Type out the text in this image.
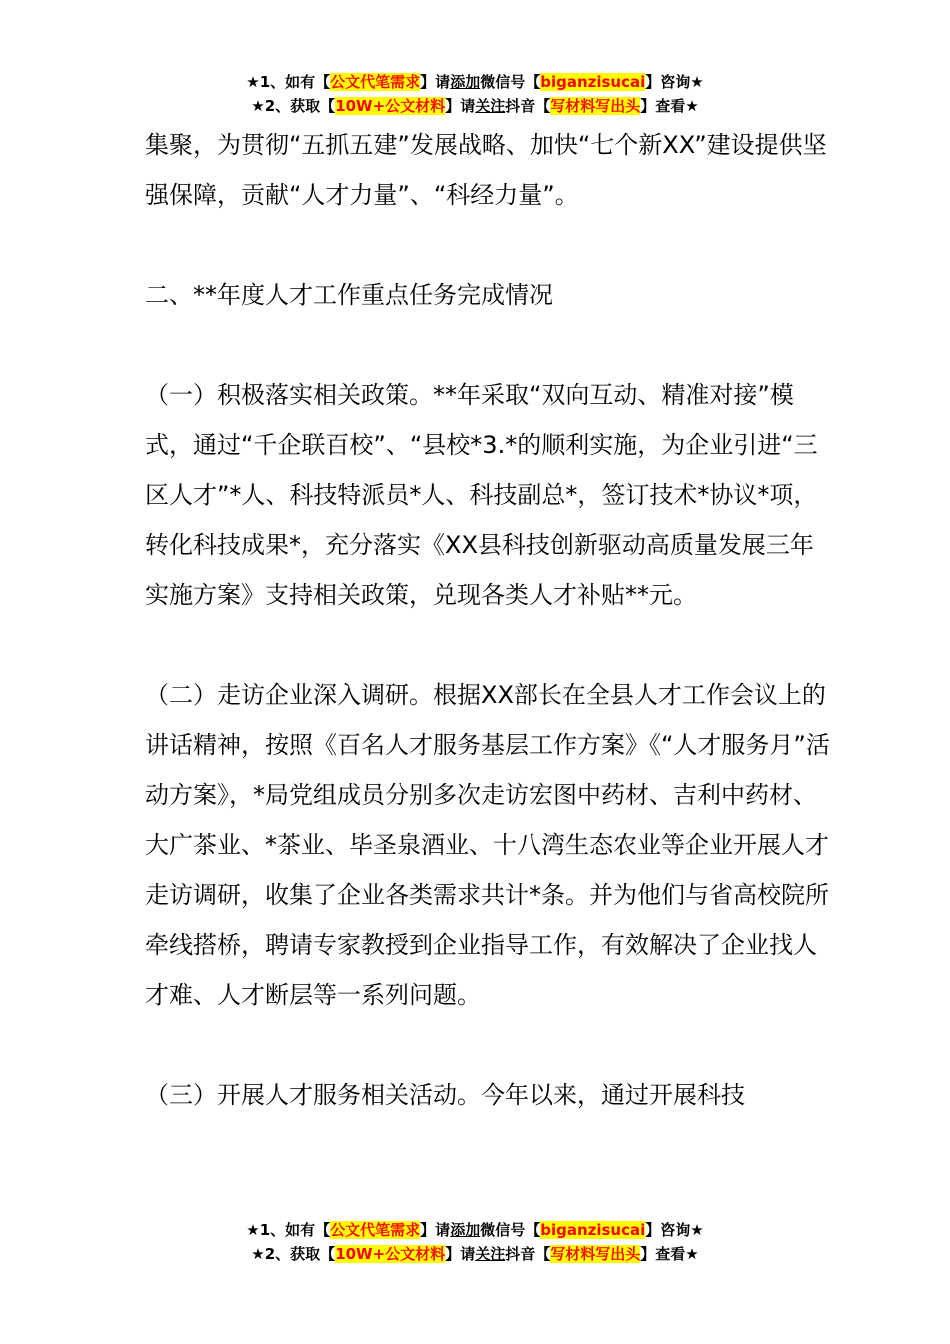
★1、如有【公文代笔需求】请添加微信号【biganzisucai】咨询★
★2、获取【10W+公文材料】请关注抖音【写材料写出头】查看★

集聚，为贯彻“五抓五建”发展战略、加快“七个新XX”建设提供坚强保障，贡献“人才力量”、“科经力量”。

二、**年度人才工作重点任务完成情况

（一）积极落实相关政策。**年采取“双向互动、精准对接”模式，通过“千企联百校”、“县校*3.*的顺利实施，为企业引进“三区人才”*人、科技特派员*人、科技副总*，签订技术*协议*项，转化科技成果*，充分落实《XX县科技创新驱动高质量发展三年实施方案》支持相关政策，兑现各类人才补贴**元。

（二）走访企业深入调研。根据XX部长在全县人才工作会议上的讲话精神，按照《百名人才服务基层工作方案》《“人才服务月”活动方案》，*局党组成员分别多次走访宏图中药材、吉利中药材、大广茶业、*茶业、毕圣泉酒业、十八湾生态农业等企业开展人才走访调研，收集了企业各类需求共计*条。并为他们与省高校院所牵线搭桥，聘请专家教授到企业指导工作，有效解决了企业找人才难、人才断层等一系列问题。

（三）开展人才服务相关活动。今年以来，通过开展科技

★1、如有【公文代笔需求】请添加微信号【biganzisucai】咨询★
★2、获取【10W+公文材料】请关注抖音【写材料写出头】查看★
